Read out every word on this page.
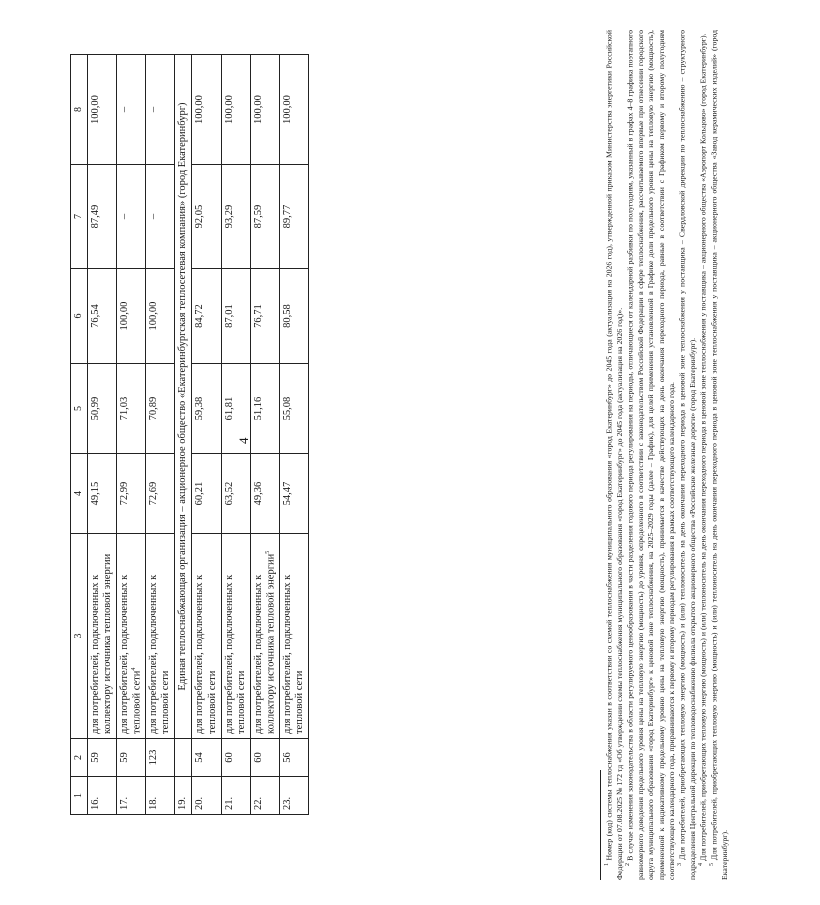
4
1	2	3	4	5	6	7	8
16.	59	для потребителей, подключенных к коллектору источника тепловой энергии	49,15	50,99	76,54	87,49	100,00
17.	59	для потребителей, подключенных к тепловой сети$^4$	72,99	71,03	100,00	–	–
18.	123	для потребителей, подключенных к тепловой сети	72,69	70,89	100,00	–	–
19.		Единая теплоснабжающая организация – акционерное общество «Екатеринбургская теплосетевая компания» (город Екатеринбург)					
20.	54	для потребителей, подключенных к тепловой сети	60,21	59,38	84,72	92,05	100,00
21.	60	для потребителей, подключенных к тепловой сети	63,52	61,81	87,01	93,29	100,00
22.	60	для потребителей, подключенных к коллектору источника тепловой энергии$^5$	49,36	51,16	76,71	87,59	100,00
23.	56	для потребителей, подключенных к тепловой сети	54,47	55,08	80,58	89,77	100,00

$^1$ Номер (код) системы теплоснабжения указан в соответствии со схемой теплоснабжения муниципального образования «город Екатеринбург» до 2045 года (актуализация на 2026 год), утвержденной приказом Министерства энергетики Российской Федерации от 07.08.2025 № 172 тд «Об утверждении схемы теплоснабжения муниципального образования «город Екатеринбург» до 2045 года (актуализация на 2026 год)». $^2$ В случае изменения законодательства в области регулируемого ценообразования в части разделения годового периода регулирования на периоды, отличающиеся от календарной разбивки по полугодиям, указанный в графах 4–8 графика поэтапного равномерного доведения предельного уровня цены на тепловую энергию (мощность) до уровня, определенного в соответствии с законодательством Российской Федерации в сфере теплоснабжения, рассчитываемого впервые при отнесении городского округа муниципального образования «город Екатеринбург» к ценовой зоне теплоснабжения, на 2025–2029 годы (далее – График), для целей применения установленной в Графике доли предельного уровня цены на тепловую энергию (мощность), примененной к индикативному предельному уровню цены на тепловую энергию (мощность), принимается в качестве действующих на день окончания переходного периода, равные в соответствии с Графиком первому и второму полугодиям соответствующего календарного года, приравниваются к первому и второму периодам регулирования в рамках соответствующего календарного года. $^3$ Для потребителей, приобретающих тепловую энергию (мощность) и (или) теплоноситель на день окончания переходного периода в ценовой зоне теплоснабжения у поставщика – Свердловской дирекции по теплоснабжению – структурного подразделения Центральной дирекции по тепловодоснабжению филиала открытого акционерного общества «Российские железные дороги» (город Екатеринбург). $^4$ Для потребителей, приобретающих тепловую энергию (мощность) и (или) теплоноситель на день окончания переходного периода в ценовой зоне теплоснабжения у поставщика – акционерного общества «Аэропорт Кольцово» (город Екатеринбург).

$^5$ Для потребителей, приобретающих тепловую энергию (мощность) и (или) теплоноситель на день окончания переходного периода в ценовой зоне теплоснабжения у поставщика – акционерного общества «Завод керамических изделий» (город Екатеринбург).
